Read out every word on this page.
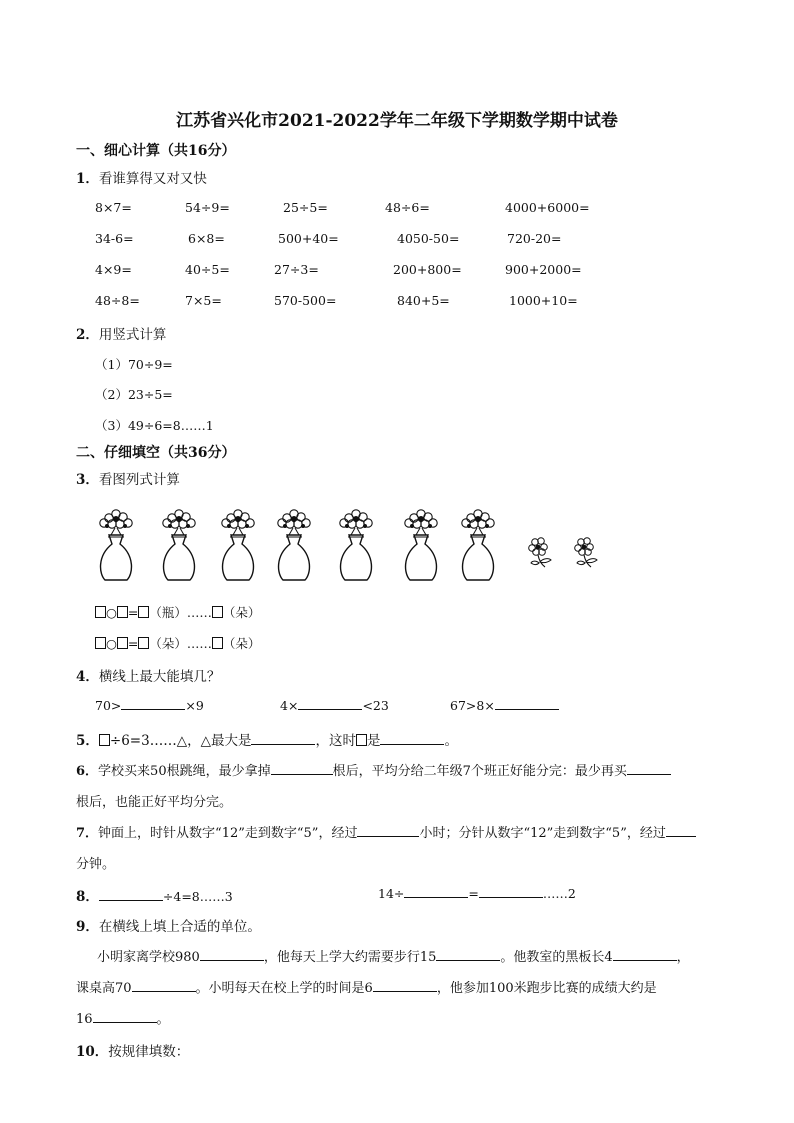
江苏省兴化市2021-2022学年二年级下学期数学期中试卷
一、细心计算（共16分）
1．看谁算得又对又快
8×7=	54÷9=	25÷5=	48÷6=	4000+6000=
34-6=	6×8=	500+40=	4050-50=	720-20=
4×9=	40÷5=	27÷3=	200+800=	900+2000=
48÷8=	7×5=	570-500=	840+5=	1000+10=
2．用竖式计算
（1）70÷9=
（2）23÷5=
（3）49÷6=8……1
二、仔细填空（共36分）
3．看图列式计算
○ = （瓶）…… （朵）
○ = （朵）…… （朵）
4．横线上最大能填几？
70>	×9	4×	<23	67>8×
5． ÷6=3……△，△最大是	，这时 是	。
6．学校买来50根跳绳，最少拿掉	根后，平均分给二年级7个班正好能分完：最少再买
根后，也能正好平均分完。
7．钟面上，时针从数字“12”走到数字“5”，经过	小时；分针从数字“12”走到数字“5”，经过
分钟。
8．	÷4=8……3	14÷	=	……2
9．在横线上填上合适的单位。
小明家离学校980	，他每天上学大约需要步行15	。他教室的黑板长4	，
课桌高70	。小明每天在校上学的时间是6	，他参加100米跑步比赛的成绩大约是
16	。
10．按规律填数：
